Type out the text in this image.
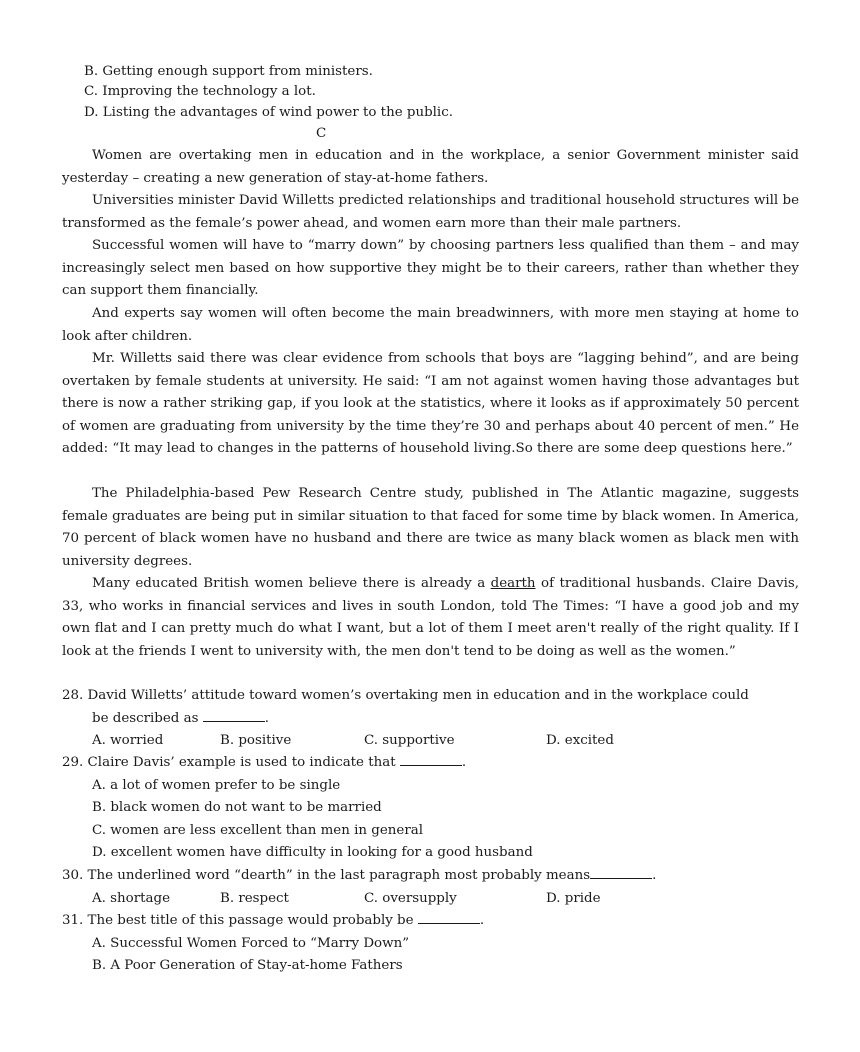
B. Getting enough support from ministers.
C. Improving the technology a lot.
D. Listing the advantages of wind power to the public.
C
Women are overtaking men in education and in the workplace, a senior Government minister said yesterday – creating a new generation of stay-at-home fathers.
Universities minister David Willetts predicted relationships and traditional household structures will be transformed as the female’s power ahead, and women earn more than their male partners.
Successful women will have to “marry down” by choosing partners less qualified than them – and may increasingly select men based on how supportive they might be to their careers, rather than whether they can support them financially.
And experts say women will often become the main breadwinners, with more men staying at home to look after children.
Mr. Willetts said there was clear evidence from schools that boys are “lagging behind”, and are being overtaken by female students at university. He said: “I am not against women having those advantages but there is now a rather striking gap, if you look at the statistics, where it looks as if approximately 50 percent of women are graduating from university by the time they’re 30 and perhaps about 40 percent of men.” He added: “It may lead to changes in the patterns of household living.So there are some deep questions here.”
The Philadelphia-based Pew Research Centre study, published in The Atlantic magazine, suggests female graduates are being put in similar situation to that faced for some time by black women. In America, 70 percent of black women have no husband and there are twice as many black women as black men with university degrees.
Many educated British women believe there is already a dearth of traditional husbands. Claire Davis, 33, who works in financial services and lives in south London, told The Times: “I have a good job and my own flat and I can pretty much do what I want, but a lot of them I meet aren't really of the right quality. If I look at the friends I went to university with, the men don't tend to be doing as well as the women.”
28. David Willetts’ attitude toward women’s overtaking men in education and in the workplace could
be described as	.
A. worried	B. positive	C. supportive	D. excited
29. Claire Davis’ example is used to indicate that	.
A. a lot of women prefer to be single
B. black women do not want to be married
C. women are less excellent than men in general
D. excellent women have difficulty in looking for a good husband
30. The underlined word “dearth” in the last paragraph most probably means	.
A. shortage	B. respect	C. oversupply	D. pride
31. The best title of this passage would probably be	.
A. Successful Women Forced to “Marry Down”
B. A Poor Generation of Stay-at-home Fathers
